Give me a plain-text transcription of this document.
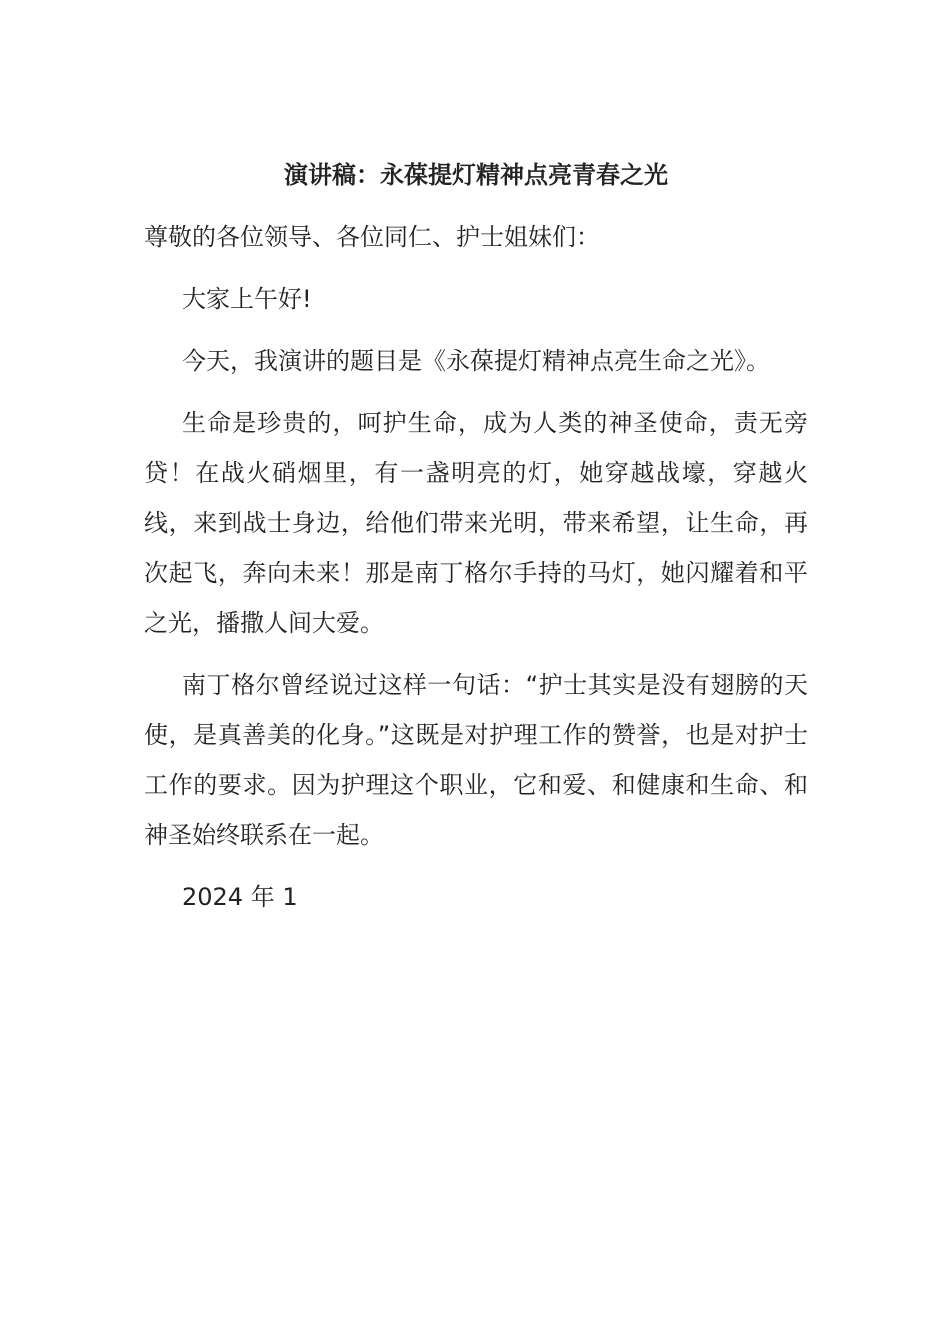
演讲稿：永葆提灯精神点亮青春之光
尊敬的各位领导、各位同仁、护士姐妹们：
大家上午好!
今天，我演讲的题目是《永葆提灯精神点亮生命之光》。
生命是珍贵的，呵护生命，成为人类的神圣使命，责无旁贷！在战火硝烟里，有一盏明亮的灯，她穿越战壕，穿越火线，来到战士身边，给他们带来光明，带来希望，让生命，再次起飞，奔向未来！那是南丁格尔手持的马灯，她闪耀着和平之光，播撒人间大爱。
南丁格尔曾经说过这样一句话：“护士其实是没有翅膀的天使，是真善美的化身。”这既是对护理工作的赞誉，也是对护士工作的要求。因为护理这个职业，它和爱、和健康和生命、和神圣始终联系在一起。
2024 年 1
